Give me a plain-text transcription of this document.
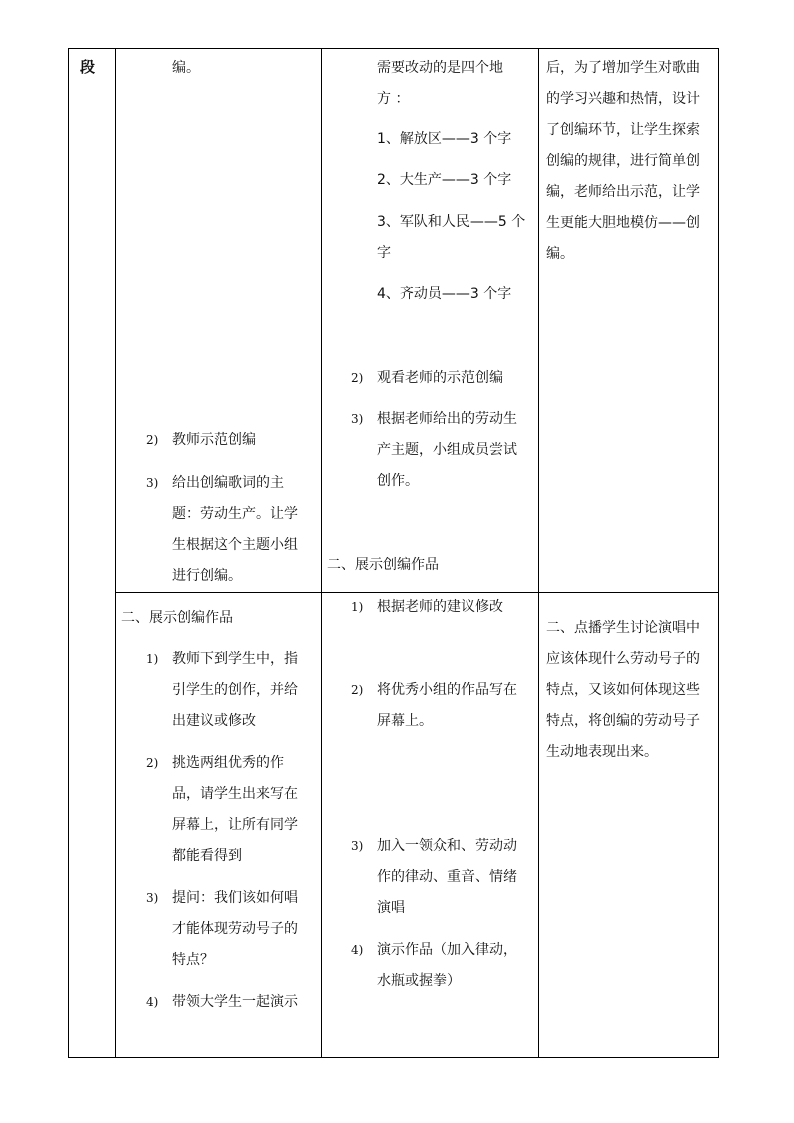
段	编。
2) 教师示范创编
3) 给出创编歌词的主
题：劳动生产。让学
生根据这个主题小组
进行创编。
二、展示创编作品
1) 教师下到学生中，指
引学生的创作，并给
出建议或修改
2) 挑选两组优秀的作
品，请学生出来写在
屏幕上，让所有同学
都能看得到
3) 提问：我们该如何唱
才能体现劳动号子的
特点？
4) 带领大学生一起演示
需要改动的是四个地
方 ：
1、解放区——3 个字
2、大生产——3 个字
3、军队和人民——5 个
字
4、齐动员——3 个字
2) 观看老师的示范创编
3) 根据老师给出的劳动生
产主题，小组成员尝试
创作。
二、展示创编作品
1) 根据老师的建议修改
2) 将优秀小组的作品写在
屏幕上。
3) 加入一领众和、劳动动
作的律动、重音、情绪
演唱
4) 演示作品（加入律动，
水瓶或握拳）
后，为了增加学生对歌曲
的学习兴趣和热情，设计
了创编环节，让学生探索
创编的规律，进行简单创
编，老师给出示范，让学
生更能大胆地模仿——创
编。
二、点播学生讨论演唱中
应该体现什么劳动号子的
特点，又该如何体现这些
特点，将创编的劳动号子
生动地表现出来。
